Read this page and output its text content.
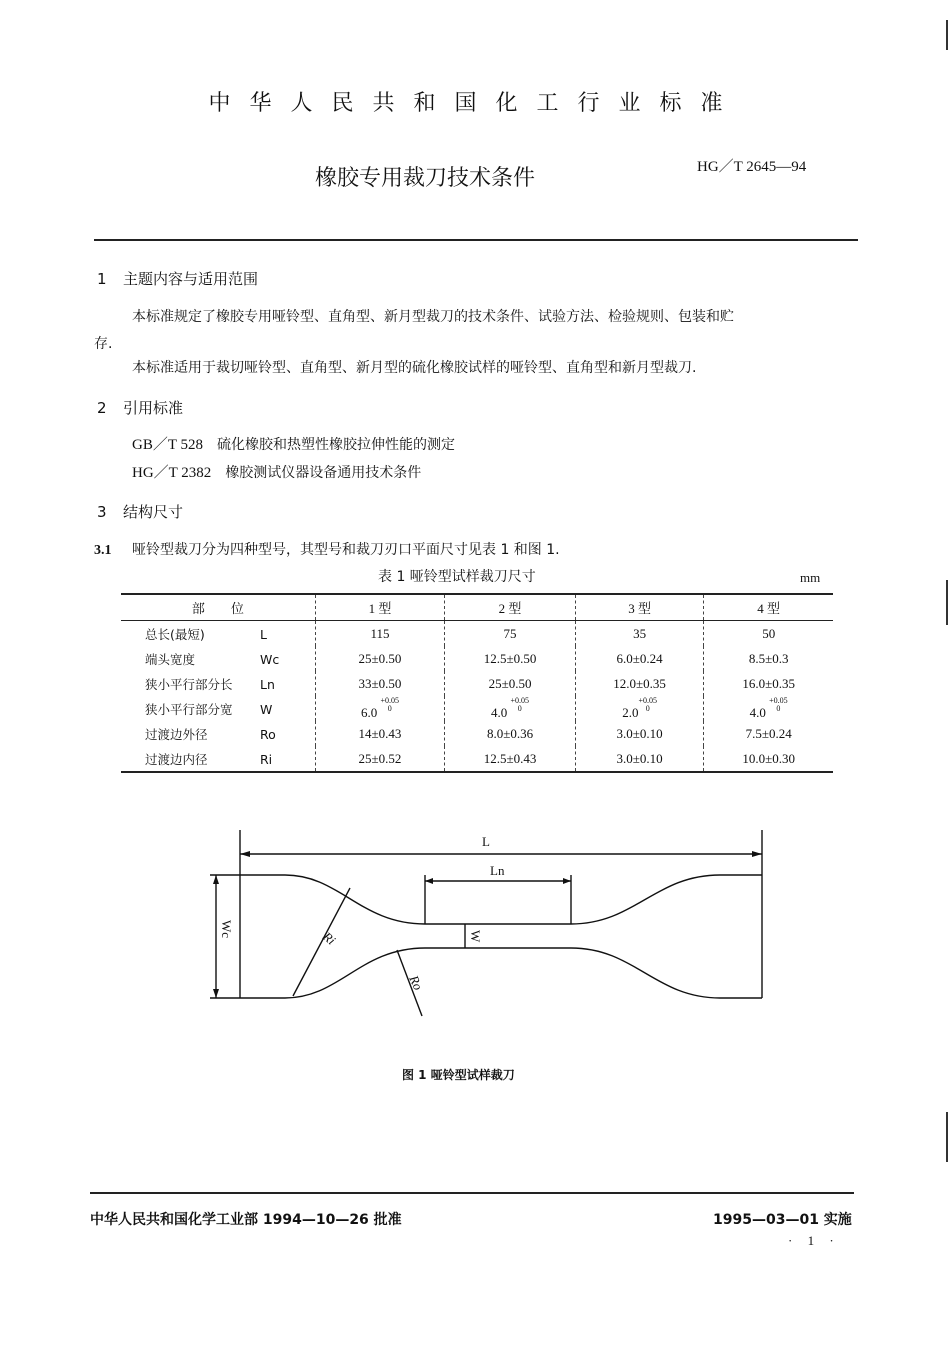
中华人民共和国化工行业标准
橡胶专用裁刀技术条件	HG／T 2645—94
1 主题内容与适用范围
本标准规定了橡胶专用哑铃型、直角型、新月型裁刀的技术条件、试验方法、检验规则、包装和贮
存.
本标准适用于裁切哑铃型、直角型、新月型的硫化橡胶试样的哑铃型、直角型和新月型裁刀.
2 引用标准
GB／T 528 硫化橡胶和热塑性橡胶拉伸性能的测定
HG／T 2382 橡胶测试仪器设备通用技术条件
3 结构尺寸
3.1 哑铃型裁刀分为四种型号，其型号和裁刀刃口平面尺寸见表 1 和图 1.
表 1 哑铃型试样裁刀尺寸	mm
部　　位	1 型	2 型	3 型	4 型
总长(最短) L	115	75	35	50
端头宽度 Wc	25±0.50	12.5±0.50	6.0±0.24	8.5±0.3
狭小平行部分长 Ln	33±0.50	25±0.50	12.0±0.35	16.0±0.35
狭小平行部分宽 W	6.0 $^{+0.05 0}$	4.0 $^{+0.05 0}$	$2.0^{+0.05 0}$	4.0 $^{+0.05 0}$
过渡边外径 Ro	14±0.43	8.0±0.36	3.0±0.10	7.5±0.24
过渡边内径 Ri	25±0.52	12.5±0.43	3.0±0.10	10.0±0.30
L
Ln
Wc	W
Ri
Ro
图 1 哑铃型试样裁刀
中华人民共和国化学工业部 1994—10—26 批准	1995—03—01 实施
· 1 ·
